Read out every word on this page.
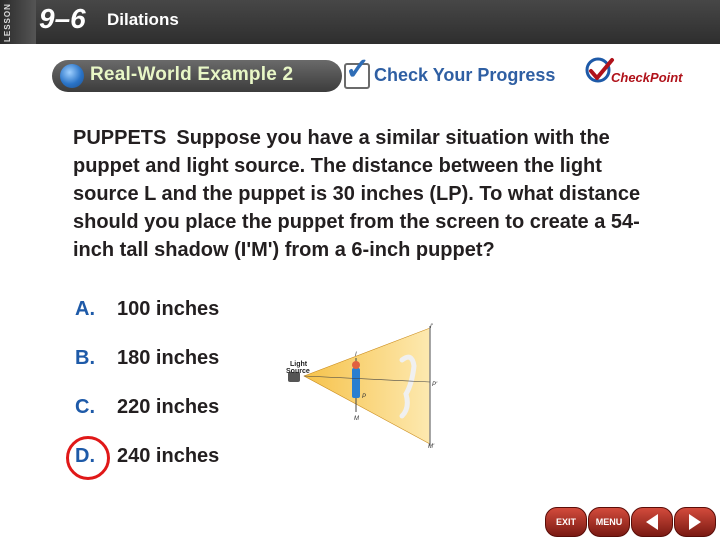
LESSON 9–6 Dilations
Real-World Example 2 ✓ Check Your Progress	CheckPoint
PUPPETS Suppose you have a similar situation with the puppet and light source. The distance between the light source L and the puppet is 30 inches (LP). To what distance should you place the puppet from the screen to create a 54-inch tall shadow (I'M') from a 6-inch puppet?
A. 100 inches
B. 180 inches
C. 220 inches
D. 240 inches
Light
Source
I'
I
P
P'
M
M'
EXIT	MENU
